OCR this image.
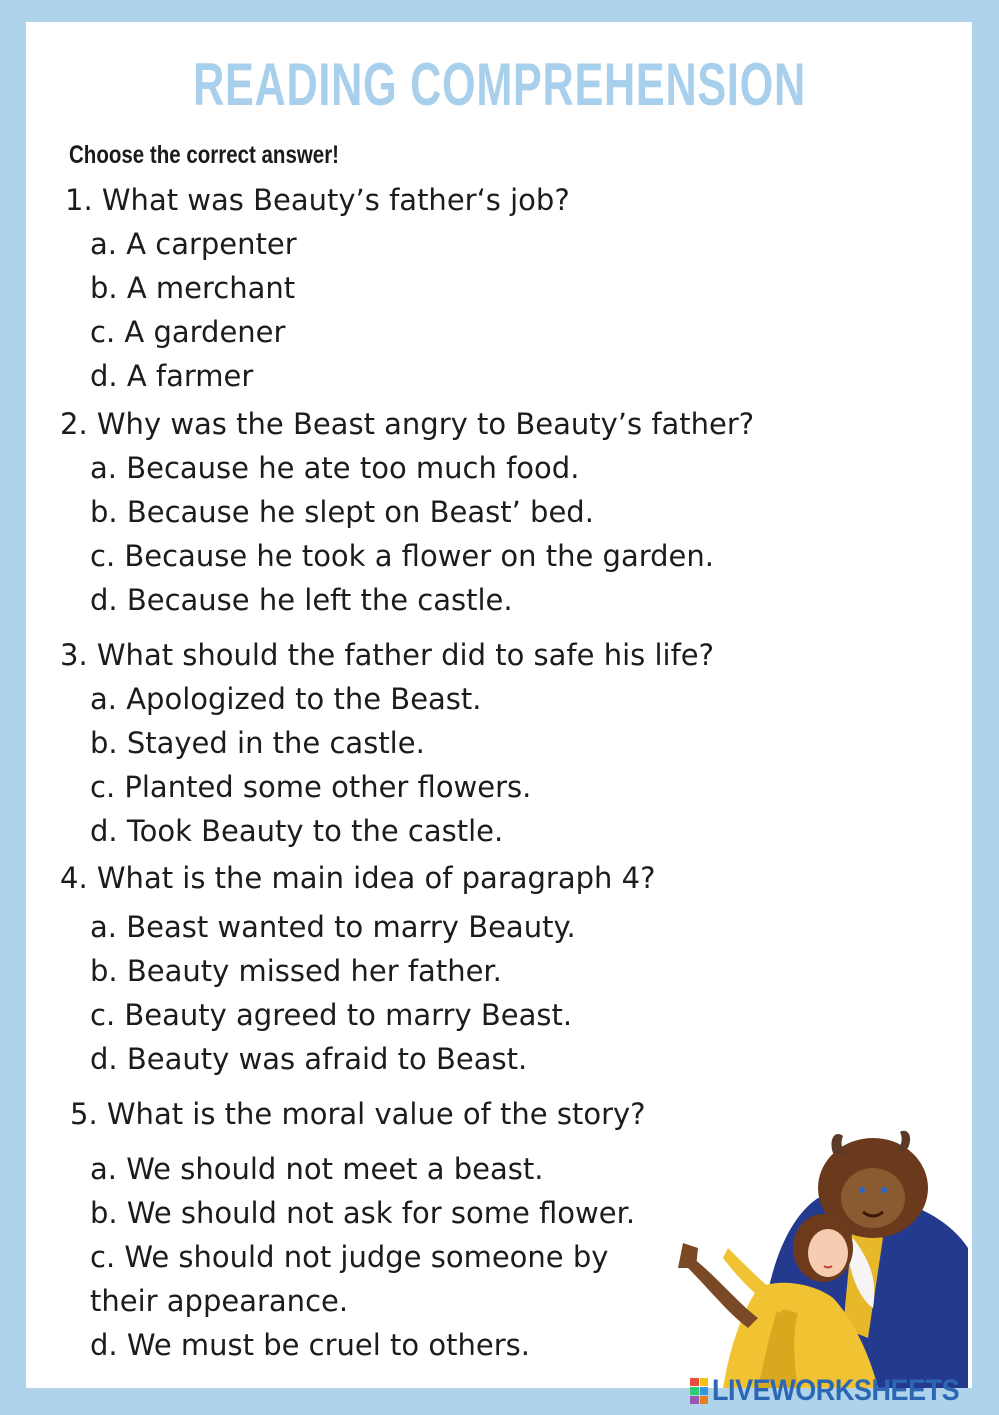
READING COMPREHENSION
Choose the correct answer!

1. What was Beauty’s father‘s job?

a. A carpenter

b. A merchant

c. A gardener

d. A farmer

2. Why was the Beast angry to Beauty’s father?

a. Because he ate too much food.

b. Because he slept on Beast’ bed.

c. Because he took a flower on the garden.

d. Because he left the castle.

3. What should the father did to safe his life?

a. Apologized to the Beast.

b. Stayed in the castle.

c. Planted some other flowers.

d. Took Beauty to the castle.

4. What is the main idea of paragraph 4?

a. Beast wanted to marry Beauty.

b. Beauty missed her father.

c. Beauty agreed to marry Beast.

d. Beauty was afraid to Beast.

5. What is the moral value of the story?

a. We should not meet a beast.

b. We should not ask for some flower.

c. We should not judge someone by

their appearance.

d. We must be cruel to others.

LIVEWORKSHEETS
